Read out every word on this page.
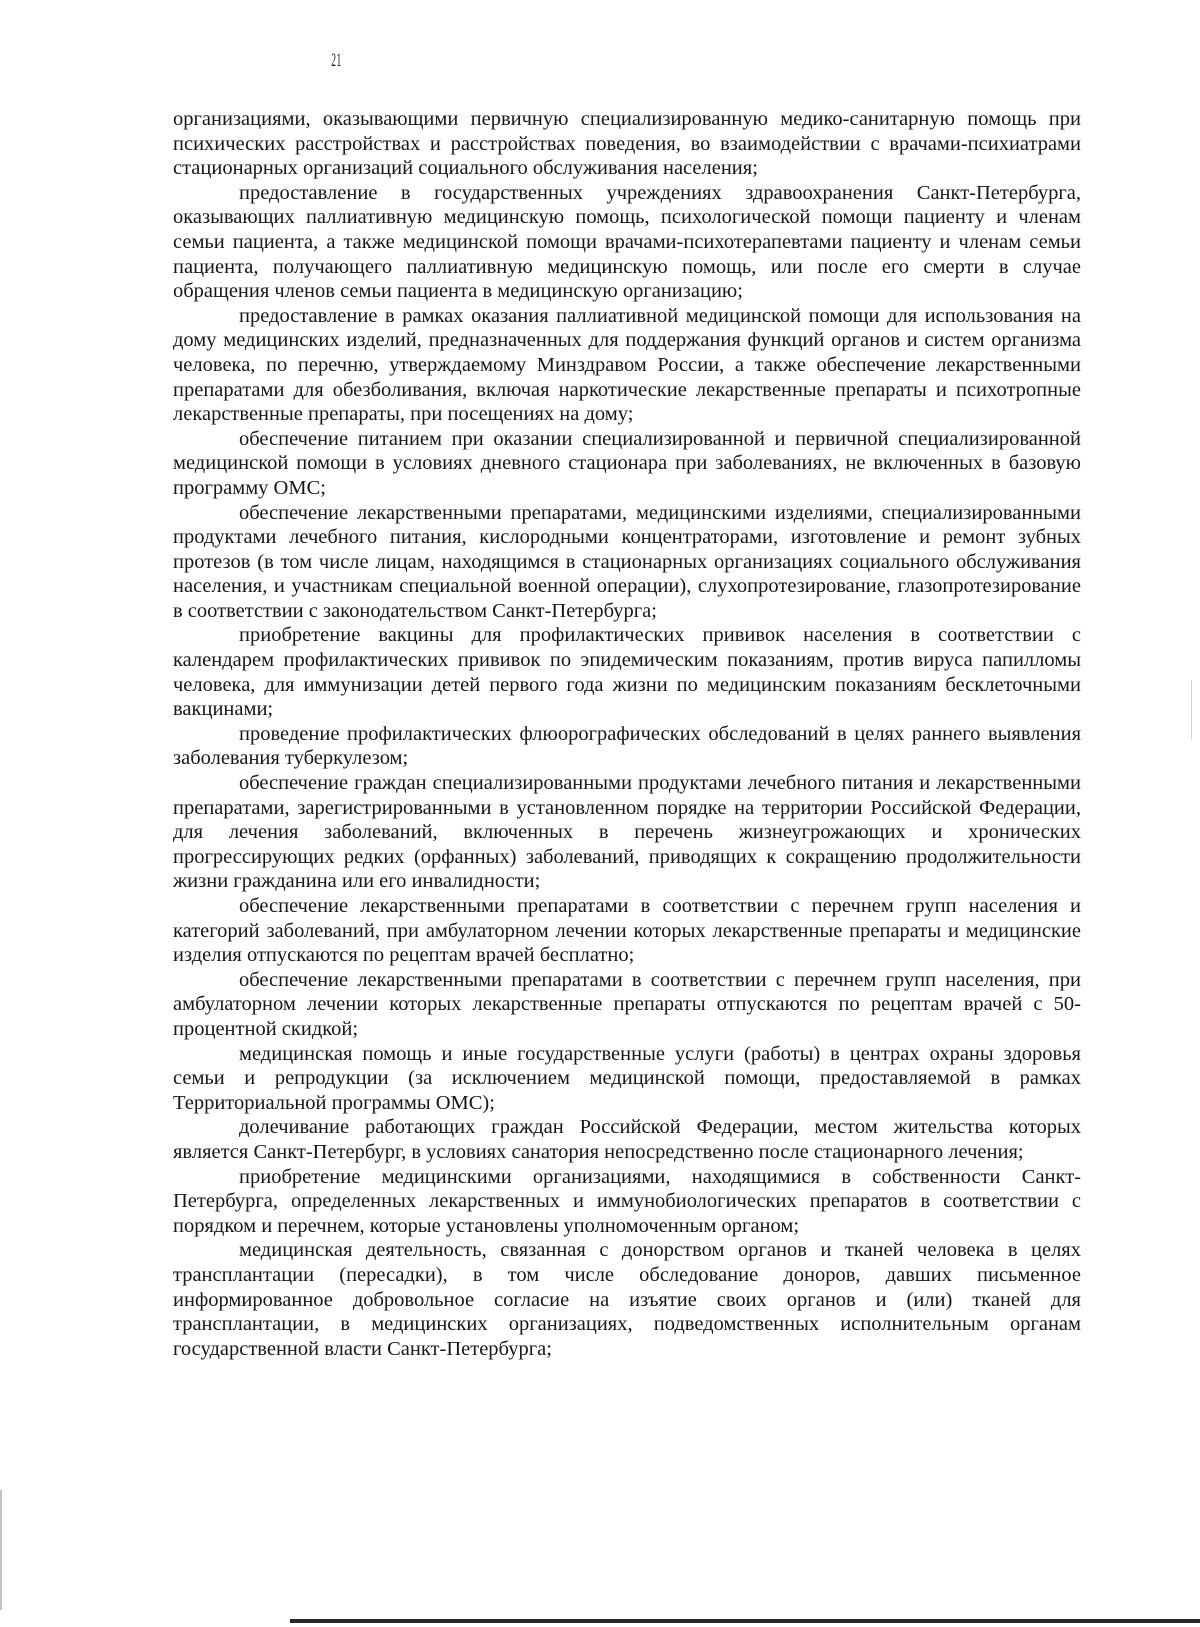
21

организациями, оказывающими первичную специализированную медико-санитарную помощь при психических расстройствах и расстройствах поведения, во взаимодействии с врачами-психиатрами стационарных организаций социального обслуживания населения;

предоставление в государственных учреждениях здравоохранения Санкт-Петербурга, оказывающих паллиативную медицинскую помощь, психологической помощи пациенту и членам семьи пациента, а также медицинской помощи врачами-психотерапевтами пациенту и членам семьи пациента, получающего паллиативную медицинскую помощь, или после его смерти в случае обращения членов семьи пациента в медицинскую организацию;

предоставление в рамках оказания паллиативной медицинской помощи для использования на дому медицинских изделий, предназначенных для поддержания функций органов и систем организма человека, по перечню, утверждаемому Минздравом России, а также обеспечение лекарственными препаратами для обезболивания, включая наркотические лекарственные препараты и психотропные лекарственные препараты, при посещениях на дому;

обеспечение питанием при оказании специализированной и первичной специализированной медицинской помощи в условиях дневного стационара при заболеваниях, не включенных в базовую программу ОМС;

обеспечение лекарственными препаратами, медицинскими изделиями, специализированными продуктами лечебного питания, кислородными концентраторами, изготовление и ремонт зубных протезов (в том числе лицам, находящимся в стационарных организациях социального обслуживания населения, и участникам специальной военной операции), слухопротезирование, глазопротезирование в соответствии с законодательством Санкт-Петербурга;

приобретение вакцины для профилактических прививок населения в соответствии с календарем профилактических прививок по эпидемическим показаниям, против вируса папилломы человека, для иммунизации детей первого года жизни по медицинским показаниям бесклеточными вакцинами;

проведение профилактических флюорографических обследований в целях раннего выявления заболевания туберкулезом;

обеспечение граждан специализированными продуктами лечебного питания и лекарственными препаратами, зарегистрированными в установленном порядке на территории Российской Федерации, для лечения заболеваний, включенных в перечень жизнеугрожающих и хронических прогрессирующих редких (орфанных) заболеваний, приводящих к сокращению продолжительности жизни гражданина или его инвалидности;

обеспечение лекарственными препаратами в соответствии с перечнем групп населения и категорий заболеваний, при амбулаторном лечении которых лекарственные препараты и медицинские изделия отпускаются по рецептам врачей бесплатно;

обеспечение лекарственными препаратами в соответствии с перечнем групп населения, при амбулаторном лечении которых лекарственные препараты отпускаются по рецептам врачей с 50-процентной скидкой;

медицинская помощь и иные государственные услуги (работы) в центрах охраны здоровья семьи и репродукции (за исключением медицинской помощи, предоставляемой в рамках Территориальной программы ОМС);

долечивание работающих граждан Российской Федерации, местом жительства которых является Санкт-Петербург, в условиях санатория непосредственно после стационарного лечения;

приобретение медицинскими организациями, находящимися в собственности Санкт-Петербурга, определенных лекарственных и иммунобиологических препаратов в соответствии с порядком и перечнем, которые установлены уполномоченным органом;

медицинская деятельность, связанная с донорством органов и тканей человека в целях трансплантации (пересадки), в том числе обследование доноров, давших письменное информированное добровольное согласие на изъятие своих органов и (или) тканей для трансплантации, в медицинских организациях, подведомственных исполнительным органам государственной власти Санкт-Петербурга;
